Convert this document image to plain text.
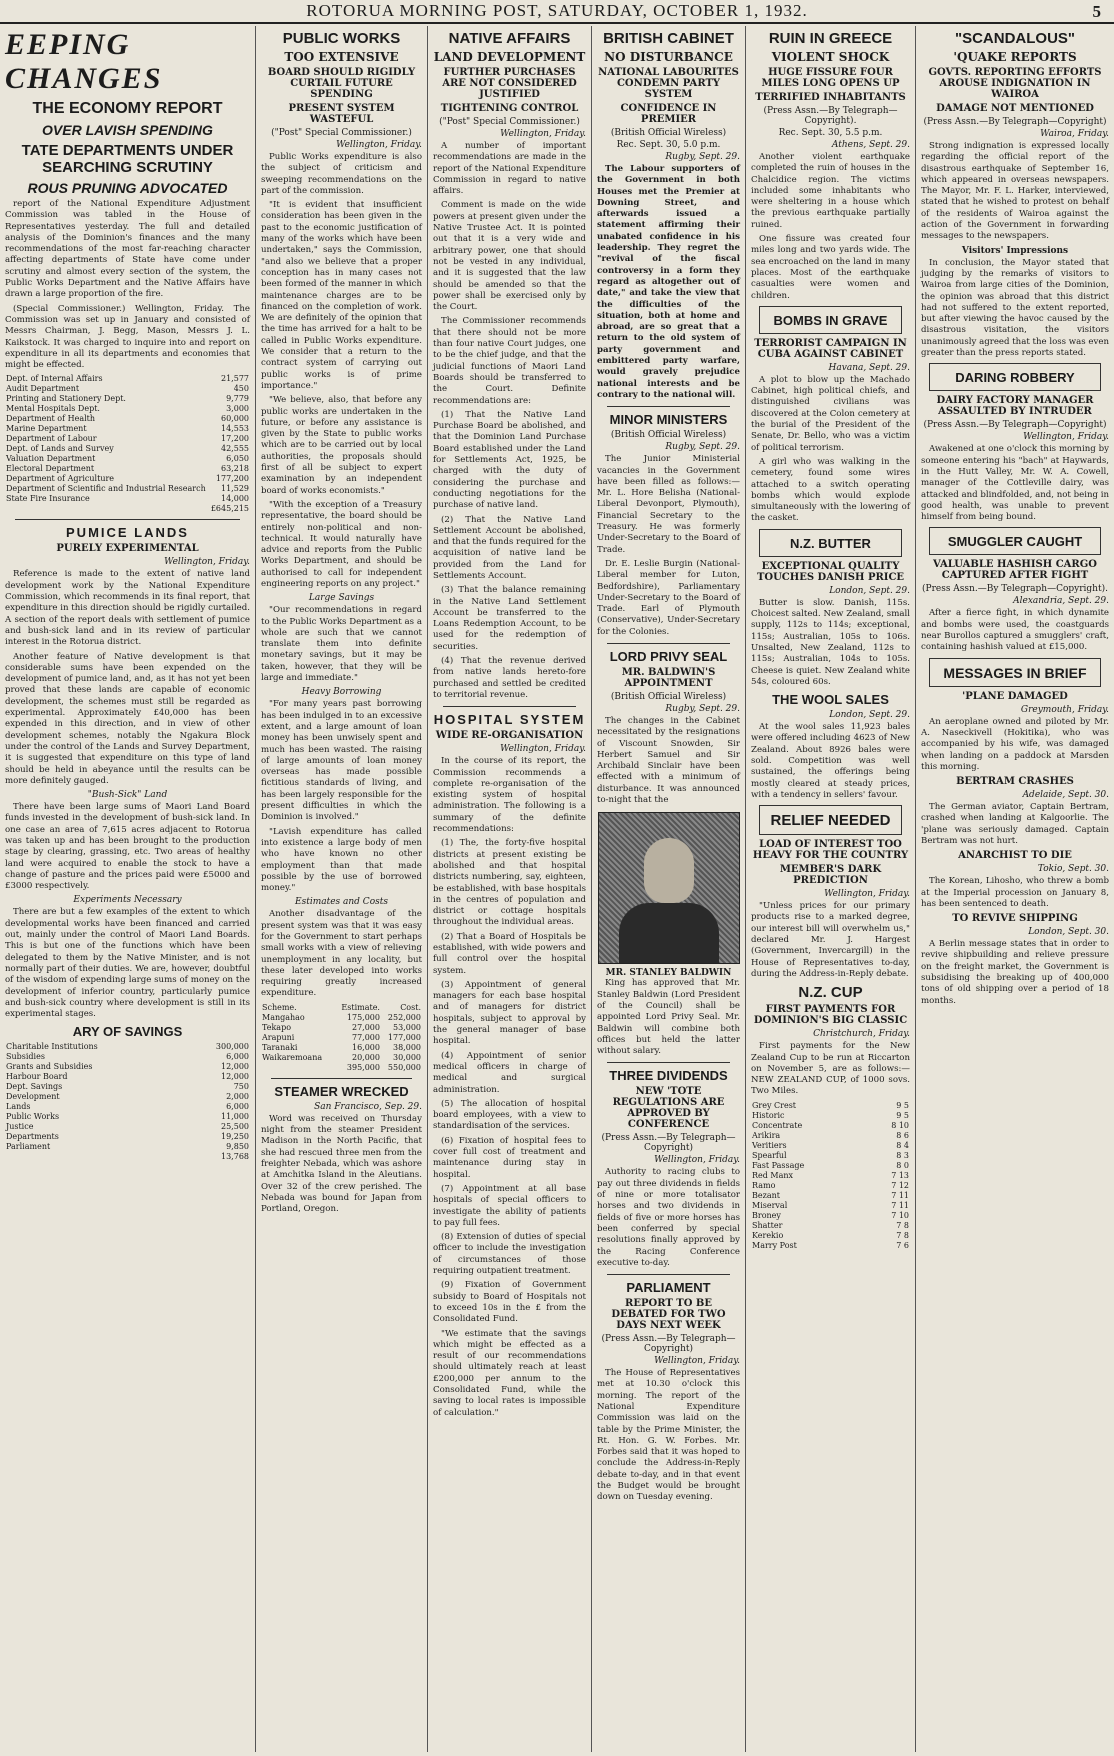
ROTORUA MORNING POST, SATURDAY, OCTOBER 1, 1932.	5
EEPING CHANGES
THE ECONOMY REPORT
OVER LAVISH SPENDING
TATE DEPARTMENTS UNDER SEARCHING SCRUTINY
ROUS PRUNING ADVOCATED

report of the National Expenditure Adjustment Commission was tabled in the House of Representatives yesterday. The full and detailed analysis of the Dominion's finances and the many recommendations of the most far-reaching character affecting departments of State have come under scrutiny and almost every section of the system, the Public Works Department and the Native Affairs have drawn a large proportion of the fire.

(Special Commissioner.) Wellington, Friday. The Commission was set up in January and consisted of Messrs Chairman, J. Begg, Mason, Messrs J. L. Kaikstock. It was charged to inquire into and report on expenditure in all its departments and economies that might be effected.

Dept. of Internal Affairs	21,577
Audit Department	450
Printing and Stationery Dept.	9,779
Mental Hospitals Dept.	3,000
Department of Health	60,000
Marine Department	14,553
Department of Labour	17,200
Dept. of Lands and Survey	42,555
Valuation Department	6,050
Electoral Department	63,218
Department of Agriculture	177,200
Department of Scientific and Industrial Research	11,529
State Fire Insurance	14,000
	£645,215
PUMICE LANDS
PURELY EXPERIMENTAL
Wellington, Friday.

Reference is made to the extent of native land development work by the National Expenditure Commission, which recommends in its final report, that expenditure in this direction should be rigidly curtailed. A section of the report deals with settlement of pumice and bush-sick land and in its review of particular interest in the Rotorua district.

Another feature of Native development is that considerable sums have been expended on the development of pumice land, and, as it has not yet been proved that these lands are capable of economic development, the schemes must still be regarded as experimental. Approximately £40,000 has been expended in this direction, and in view of other development schemes, notably the Ngakura Block under the control of the Lands and Survey Department, it is suggested that expenditure on this type of land should be held in abeyance until the results can be more definitely gauged.

"Bush-Sick" Land

There have been large sums of Maori Land Board funds invested in the development of bush-sick land. In one case an area of 7,615 acres adjacent to Rotorua was taken up and has been brought to the production stage by clearing, grassing, etc. Two areas of healthy land were acquired to enable the stock to have a change of pasture and the prices paid were £5000 and £3000 respectively.

Experiments Necessary

There are but a few examples of the extent to which developmental works have been financed and carried out, mainly under the control of Maori Land Boards. This is but one of the functions which have been delegated to them by the Native Minister, and is not normally part of their duties. We are, however, doubtful of the wisdom of expending large sums of money on the development of inferior country, particularly pumice and bush-sick country where development is still in its experimental stages.

ARY OF SAVINGS
Charitable Institutions	300,000
Subsidies	6,000
Grants and Subsidies	12,000
Harbour Board	12,000
Dept. Savings	750
Development	2,000
Lands	6,000
Public Works	11,000
Justice	25,500
Departments	19,250
Parliament	9,850
	13,768
PUBLIC WORKS
TOO EXTENSIVE
BOARD SHOULD RIGIDLY CURTAIL FUTURE SPENDING
PRESENT SYSTEM WASTEFUL
("Post" Special Commissioner.)
Wellington, Friday.

Public Works expenditure is also the subject of criticism and sweeping recommendations on the part of the commission.

"It is evident that insufficient consideration has been given in the past to the economic justification of many of the works which have been undertaken," says the Commission, "and also we believe that a proper conception has in many cases not been formed of the manner in which maintenance charges are to be financed on the completion of work. We are definitely of the opinion that the time has arrived for a halt to be called in Public Works expenditure. We consider that a return to the contract system of carrying out public works is of prime importance."

"We believe, also, that before any public works are undertaken in the future, or before any assistance is given by the State to public works which are to be carried out by local authorities, the proposals should first of all be subject to expert examination by an independent board of works economists."

"With the exception of a Treasury representative, the board should be entirely non-political and non-technical. It would naturally have advice and reports from the Public Works Department, and should be authorised to call for independent engineering reports on any project."

Large Savings

"Our recommendations in regard to the Public Works Department as a whole are such that we cannot translate them into definite monetary savings, but it may be taken, however, that they will be large and immediate."

Heavy Borrowing

"For many years past borrowing has been indulged in to an excessive extent, and a large amount of loan money has been unwisely spent and much has been wasted. The raising of large amounts of loan money overseas has made possible fictitious standards of living, and has been largely responsible for the present difficulties in which the Dominion is involved."

"Lavish expenditure has called into existence a large body of men who have known no other employment than that made possible by the use of borrowed money."

Estimates and Costs

Another disadvantage of the present system was that it was easy for the Government to start perhaps small works with a view of relieving unemployment in any locality, but these later developed into works requiring greatly increased expenditure.

Scheme.	Estimate.	Cost.
Mangahao	175,000	252,000
Tekapo	27,000	53,000
Arapuni	77,000	177,000
Taranaki	16,000	38,000
Waikaremoana	20,000	30,000
	395,000	550,000
STEAMER WRECKED
San Francisco, Sep. 29.

Word was received on Thursday night from the steamer President Madison in the North Pacific, that she had rescued three men from the freighter Nebada, which was ashore at Amchitka Island in the Aleutians. Over 32 of the crew perished. The Nebada was bound for Japan from Portland, Oregon.

NATIVE AFFAIRS
LAND DEVELOPMENT
FURTHER PURCHASES ARE NOT CONSIDERED JUSTIFIED
TIGHTENING CONTROL
("Post" Special Commissioner.)
Wellington, Friday.

A number of important recommendations are made in the report of the National Expenditure Commission in regard to native affairs.

Comment is made on the wide powers at present given under the Native Trustee Act. It is pointed out that it is a very wide and arbitrary power, one that should not be vested in any individual, and it is suggested that the law should be amended so that the power shall be exercised only by the Court.

The Commissioner recommends that there should not be more than four native Court judges, one to be the chief judge, and that the judicial functions of Maori Land Boards should be transferred to the Court. Definite recommendations are:

(1) That the Native Land Purchase Board be abolished, and that the Dominion Land Purchase Board established under the Land for Settlements Act, 1925, be charged with the duty of considering the purchase and conducting negotiations for the purchase of native land.

(2) That the Native Land Settlement Account be abolished, and that the funds required for the acquisition of native land be provided from the Land for Settlements Account.

(3) That the balance remaining in the Native Land Settlement Account be transferred to the Loans Redemption Account, to be used for the redemption of securities.

(4) That the revenue derived from native lands hereto-fore purchased and settled be credited to territorial revenue.

HOSPITAL SYSTEM
WIDE RE-ORGANISATION
Wellington, Friday.

In the course of its report, the Commission recommends a complete re-organisation of the existing system of hospital administration. The following is a summary of the definite recommendations:

(1) The, the forty-five hospital districts at present existing be abolished and that hospital districts numbering, say, eighteen, be established, with base hospitals in the centres of population and district or cottage hospitals throughout the individual areas.

(2) That a Board of Hospitals be established, with wide powers and full control over the hospital system.

(3) Appointment of general managers for each base hospital and of managers for district hospitals, subject to approval by the general manager of base hospital.

(4) Appointment of senior medical officers in charge of medical and surgical administration.

(5) The allocation of hospital board employees, with a view to standardisation of the services.

(6) Fixation of hospital fees to cover full cost of treatment and maintenance during stay in hospital.

(7) Appointment at all base hospitals of special officers to investigate the ability of patients to pay full fees.

(8) Extension of duties of special officer to include the investigation of circumstances of those requiring outpatient treatment.

(9) Fixation of Government subsidy to Board of Hospitals not to exceed 10s in the £ from the Consolidated Fund.

"We estimate that the savings which might be effected as a result of our recommendations should ultimately reach at least £200,000 per annum to the Consolidated Fund, while the saving to local rates is impossible of calculation."

BRITISH CABINET
NO DISTURBANCE
NATIONAL LABOURITES CONDEMN PARTY SYSTEM
CONFIDENCE IN PREMIER
(British Official Wireless)
Rec. Sept. 30, 5.0 p.m.
Rugby, Sept. 29.

The Labour supporters of the Government in both Houses met the Premier at Downing Street, and afterwards issued a statement affirming their unabated confidence in his leadership. They regret the "revival of the fiscal controversy in a form they regard as altogether out of date," and take the view that the difficulties of the situation, both at home and abroad, are so great that a return to the old system of party government and embittered party warfare, would gravely prejudice national interests and be contrary to the national will.

MINOR MINISTERS
(British Official Wireless)
Rugby, Sept. 29.

The Junior Ministerial vacancies in the Government have been filled as follows:— Mr. L. Hore Belisha (National-Liberal Devonport, Plymouth), Financial Secretary to the Treasury. He was formerly Under-Secretary to the Board of Trade.

Dr. E. Leslie Burgin (National-Liberal member for Luton, Bedfordshire), Parliamentary Under-Secretary to the Board of Trade. Earl of Plymouth (Conservative), Under-Secretary for the Colonies.

LORD PRIVY SEAL
MR. BALDWIN'S APPOINTMENT
(British Official Wireless)
Rugby, Sept. 29.

The changes in the Cabinet necessitated by the resignations of Viscount Snowden, Sir Herbert Samuel and Sir Archibald Sinclair have been effected with a minimum of disturbance. It was announced to-night that the

MR. STANLEY BALDWIN

King has approved that Mr. Stanley Baldwin (Lord President of the Council) shall be appointed Lord Privy Seal. Mr. Baldwin will combine both offices but held the latter without salary.

THREE DIVIDENDS
NEW 'TOTE REGULATIONS ARE APPROVED BY CONFERENCE
(Press Assn.—By Telegraph—Copyright)
Wellington, Friday.

Authority to racing clubs to pay out three dividends in fields of nine or more totalisator horses and two dividends in fields of five or more horses has been conferred by special resolutions finally approved by the Racing Conference executive to-day.

PARLIAMENT
REPORT TO BE DEBATED FOR TWO DAYS NEXT WEEK
(Press Assn.—By Telegraph—Copyright)
Wellington, Friday.

The House of Representatives met at 10.30 o'clock this morning. The report of the National Expenditure Commission was laid on the table by the Prime Minister, the Rt. Hon. G. W. Forbes. Mr. Forbes said that it was hoped to conclude the Address-in-Reply debate to-day, and in that event the Budget would be brought down on Tuesday evening.

RUIN IN GREECE
VIOLENT SHOCK
HUGE FISSURE FOUR MILES LONG OPENS UP
TERRIFIED INHABITANTS
(Press Assn.—By Telegraph—Copyright).
Rec. Sept. 30, 5.5 p.m.
Athens, Sept. 29.

Another violent earthquake completed the ruin of houses in the Chalcidice region. The victims included some inhabitants who were sheltering in a house which the previous earthquake partially ruined.

One fissure was created four miles long and two yards wide. The sea encroached on the land in many places. Most of the earthquake casualties were women and children.

BOMBS IN GRAVE
TERRORIST CAMPAIGN IN CUBA AGAINST CABINET
Havana, Sept. 29.

A plot to blow up the Machado Cabinet, high political chiefs, and distinguished civilians was discovered at the Colon cemetery at the burial of the President of the Senate, Dr. Bello, who was a victim of political terrorism.

A girl who was walking in the cemetery, found some wires attached to a switch operating bombs which would explode simultaneously with the lowering of the casket.

N.Z. BUTTER
EXCEPTIONAL QUALITY TOUCHES DANISH PRICE
London, Sept. 29.

Butter is slow. Danish, 115s. Choicest salted. New Zealand, small supply, 112s to 114s; exceptional, 115s; Australian, 105s to 106s. Unsalted, New Zealand, 112s to 115s; Australian, 104s to 105s. Cheese is quiet. New Zealand white 54s, coloured 60s.

THE WOOL SALES
London, Sept. 29.

At the wool sales 11,923 bales were offered including 4623 of New Zealand. About 8926 bales were sold. Competition was well sustained, the offerings being mostly cleared at steady prices, with a tendency in sellers' favour.

RELIEF NEEDED
LOAD OF INTEREST TOO HEAVY FOR THE COUNTRY
MEMBER'S DARK PREDICTION
Wellington, Friday.

"Unless prices for our primary products rise to a marked degree, our interest bill will overwhelm us," declared Mr. J. Hargest (Government, Invercargill) in the House of Representatives to-day, during the Address-in-Reply debate.

N.Z. CUP
FIRST PAYMENTS FOR DOMINION'S BIG CLASSIC
Christchurch, Friday.

First payments for the New Zealand Cup to be run at Riccarton on November 5, are as follows:— NEW ZEALAND CUP, of 1000 sovs. Two Miles.

Grey Crest	9 5
Historic	9 5
Concentrate	8 10
Arikira	8 6
Veritiers	8 4
Spearful	8 3
Fast Passage	8 0
Red Manx	7 13
Ramo	7 12
Bezant	7 11
Miserval	7 11
Broney	7 10
Shatter	7 8
Kerekio	7 8
Marry Post	7 6
"SCANDALOUS"
'QUAKE REPORTS
GOVTS. REPORTING EFFORTS AROUSE INDIGNATION IN WAIROA
DAMAGE NOT MENTIONED
(Press Assn.—By Telegraph—Copyright)
Wairoa, Friday.

Strong indignation is expressed locally regarding the official report of the disastrous earthquake of September 16, which appeared in overseas newspapers. The Mayor, Mr. F. L. Harker, interviewed, stated that he wished to protest on behalf of the residents of Wairoa against the action of the Government in forwarding messages to the newspapers.

Visitors' Impressions

In conclusion, the Mayor stated that judging by the remarks of visitors to Wairoa from large cities of the Dominion, the opinion was abroad that this district had not suffered to the extent reported, but after viewing the havoc caused by the disastrous visitation, the visitors unanimously agreed that the loss was even greater than the press reports stated.

DARING ROBBERY
DAIRY FACTORY MANAGER ASSAULTED BY INTRUDER
(Press Assn.—By Telegraph—Copyright)
Wellington, Friday.

Awakened at one o'clock this morning by someone entering his "bach" at Haywards, in the Hutt Valley, Mr. W. A. Cowell, manager of the Cottleville dairy, was attacked and blindfolded, and, not being in good health, was unable to prevent himself from being bound.

SMUGGLER CAUGHT
VALUABLE HASHISH CARGO CAPTURED AFTER FIGHT
(Press Assn.—By Telegraph—Copyright).
Alexandria, Sept. 29.

After a fierce fight, in which dynamite and bombs were used, the coastguards near Burollos captured a smugglers' craft, containing hashish valued at £15,000.

MESSAGES IN BRIEF
'PLANE DAMAGED
Greymouth, Friday.

An aeroplane owned and piloted by Mr. A. Naseckivell (Hokitika), who was accompanied by his wife, was damaged when landing on a paddock at Marsden this morning.

BERTRAM CRASHES
Adelaide, Sept. 30.

The German aviator, Captain Bertram, crashed when landing at Kalgoorlie. The 'plane was seriously damaged. Captain Bertram was not hurt.

ANARCHIST TO DIE
Tokio, Sept. 30.

The Korean, Lihosho, who threw a bomb at the Imperial procession on January 8, has been sentenced to death.

TO REVIVE SHIPPING
London, Sept. 30.

A Berlin message states that in order to revive shipbuilding and relieve pressure on the freight market, the Government is subsidising the breaking up of 400,000 tons of old shipping over a period of 18 months.
